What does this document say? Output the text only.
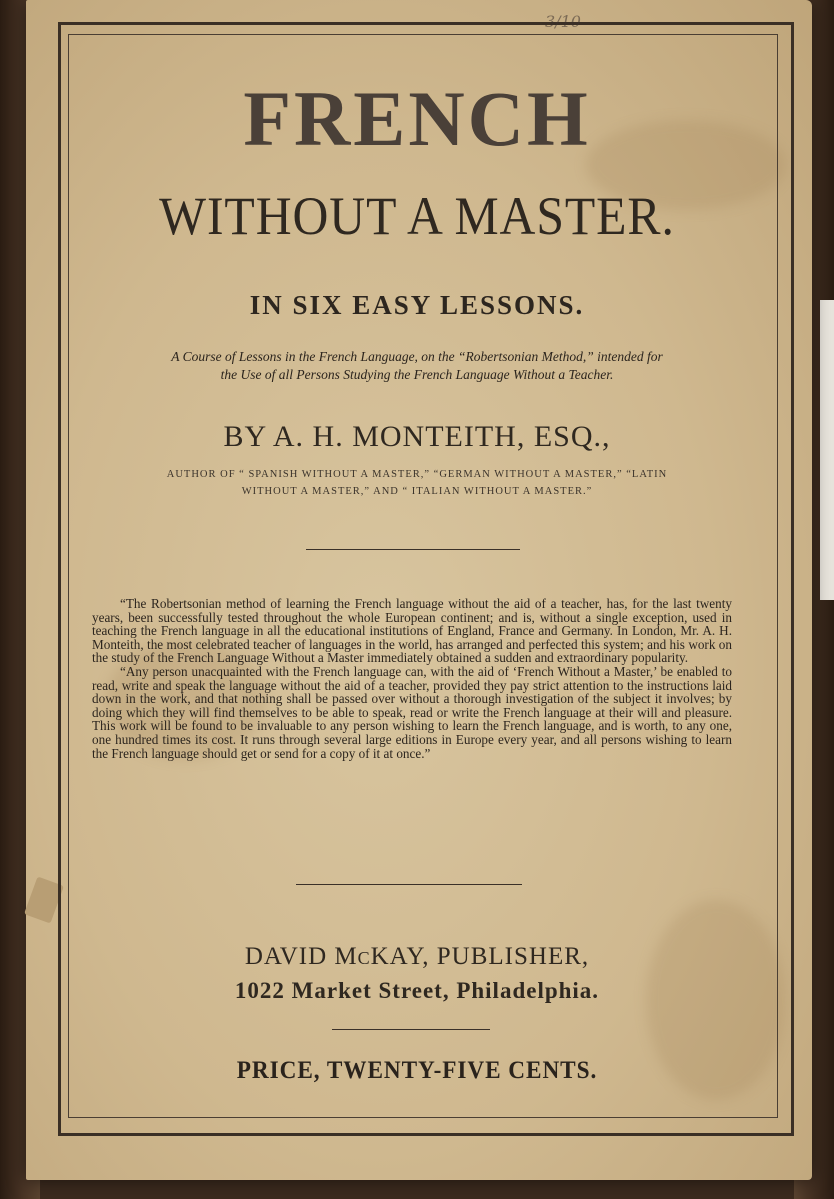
3/10
FRENCH
WITHOUT A MASTER.
IN SIX EASY LESSONS.
A Course of Lessons in the French Language, on the “Robertsonian Method,” intended for
the Use of all Persons Studying the French Language Without a Teacher.
BY A. H. MONTEITH, ESQ.,
AUTHOR OF “ SPANISH WITHOUT A MASTER,” “GERMAN WITHOUT A MASTER,” “LATIN
WITHOUT A MASTER,” AND “ ITALIAN WITHOUT A MASTER.”

“The Robertsonian method of learning the French language without the aid of a teacher, has, for the last twenty years, been successfully tested throughout the whole European continent; and is, without a single exception, used in teaching the French language in all the educational institutions of England, France and Germany. In London, Mr. A. H. Monteith, the most celebrated teacher of languages in the world, has arranged and perfected this system; and his work on the study of the French Language Without a Master immediately obtained a sudden and extraordinary popularity.

“Any person unacquainted with the French language can, with the aid of ‘French Without a Master,’ be enabled to read, write and speak the language without the aid of a teacher, provided they pay strict attention to the instructions laid down in the work, and that nothing shall be passed over without a thorough investigation of the subject it involves; by doing which they will find themselves to be able to speak, read or write the French language at their will and pleasure. This work will be found to be invaluable to any person wishing to learn the French language, and is worth, to any one, one hundred times its cost. It runs through several large editions in Europe every year, and all persons wishing to learn the French language should get or send for a copy of it at once.”

DAVID McKAY, PUBLISHER,
1022 Market Street, Philadelphia.
PRICE, TWENTY-FIVE CENTS.
